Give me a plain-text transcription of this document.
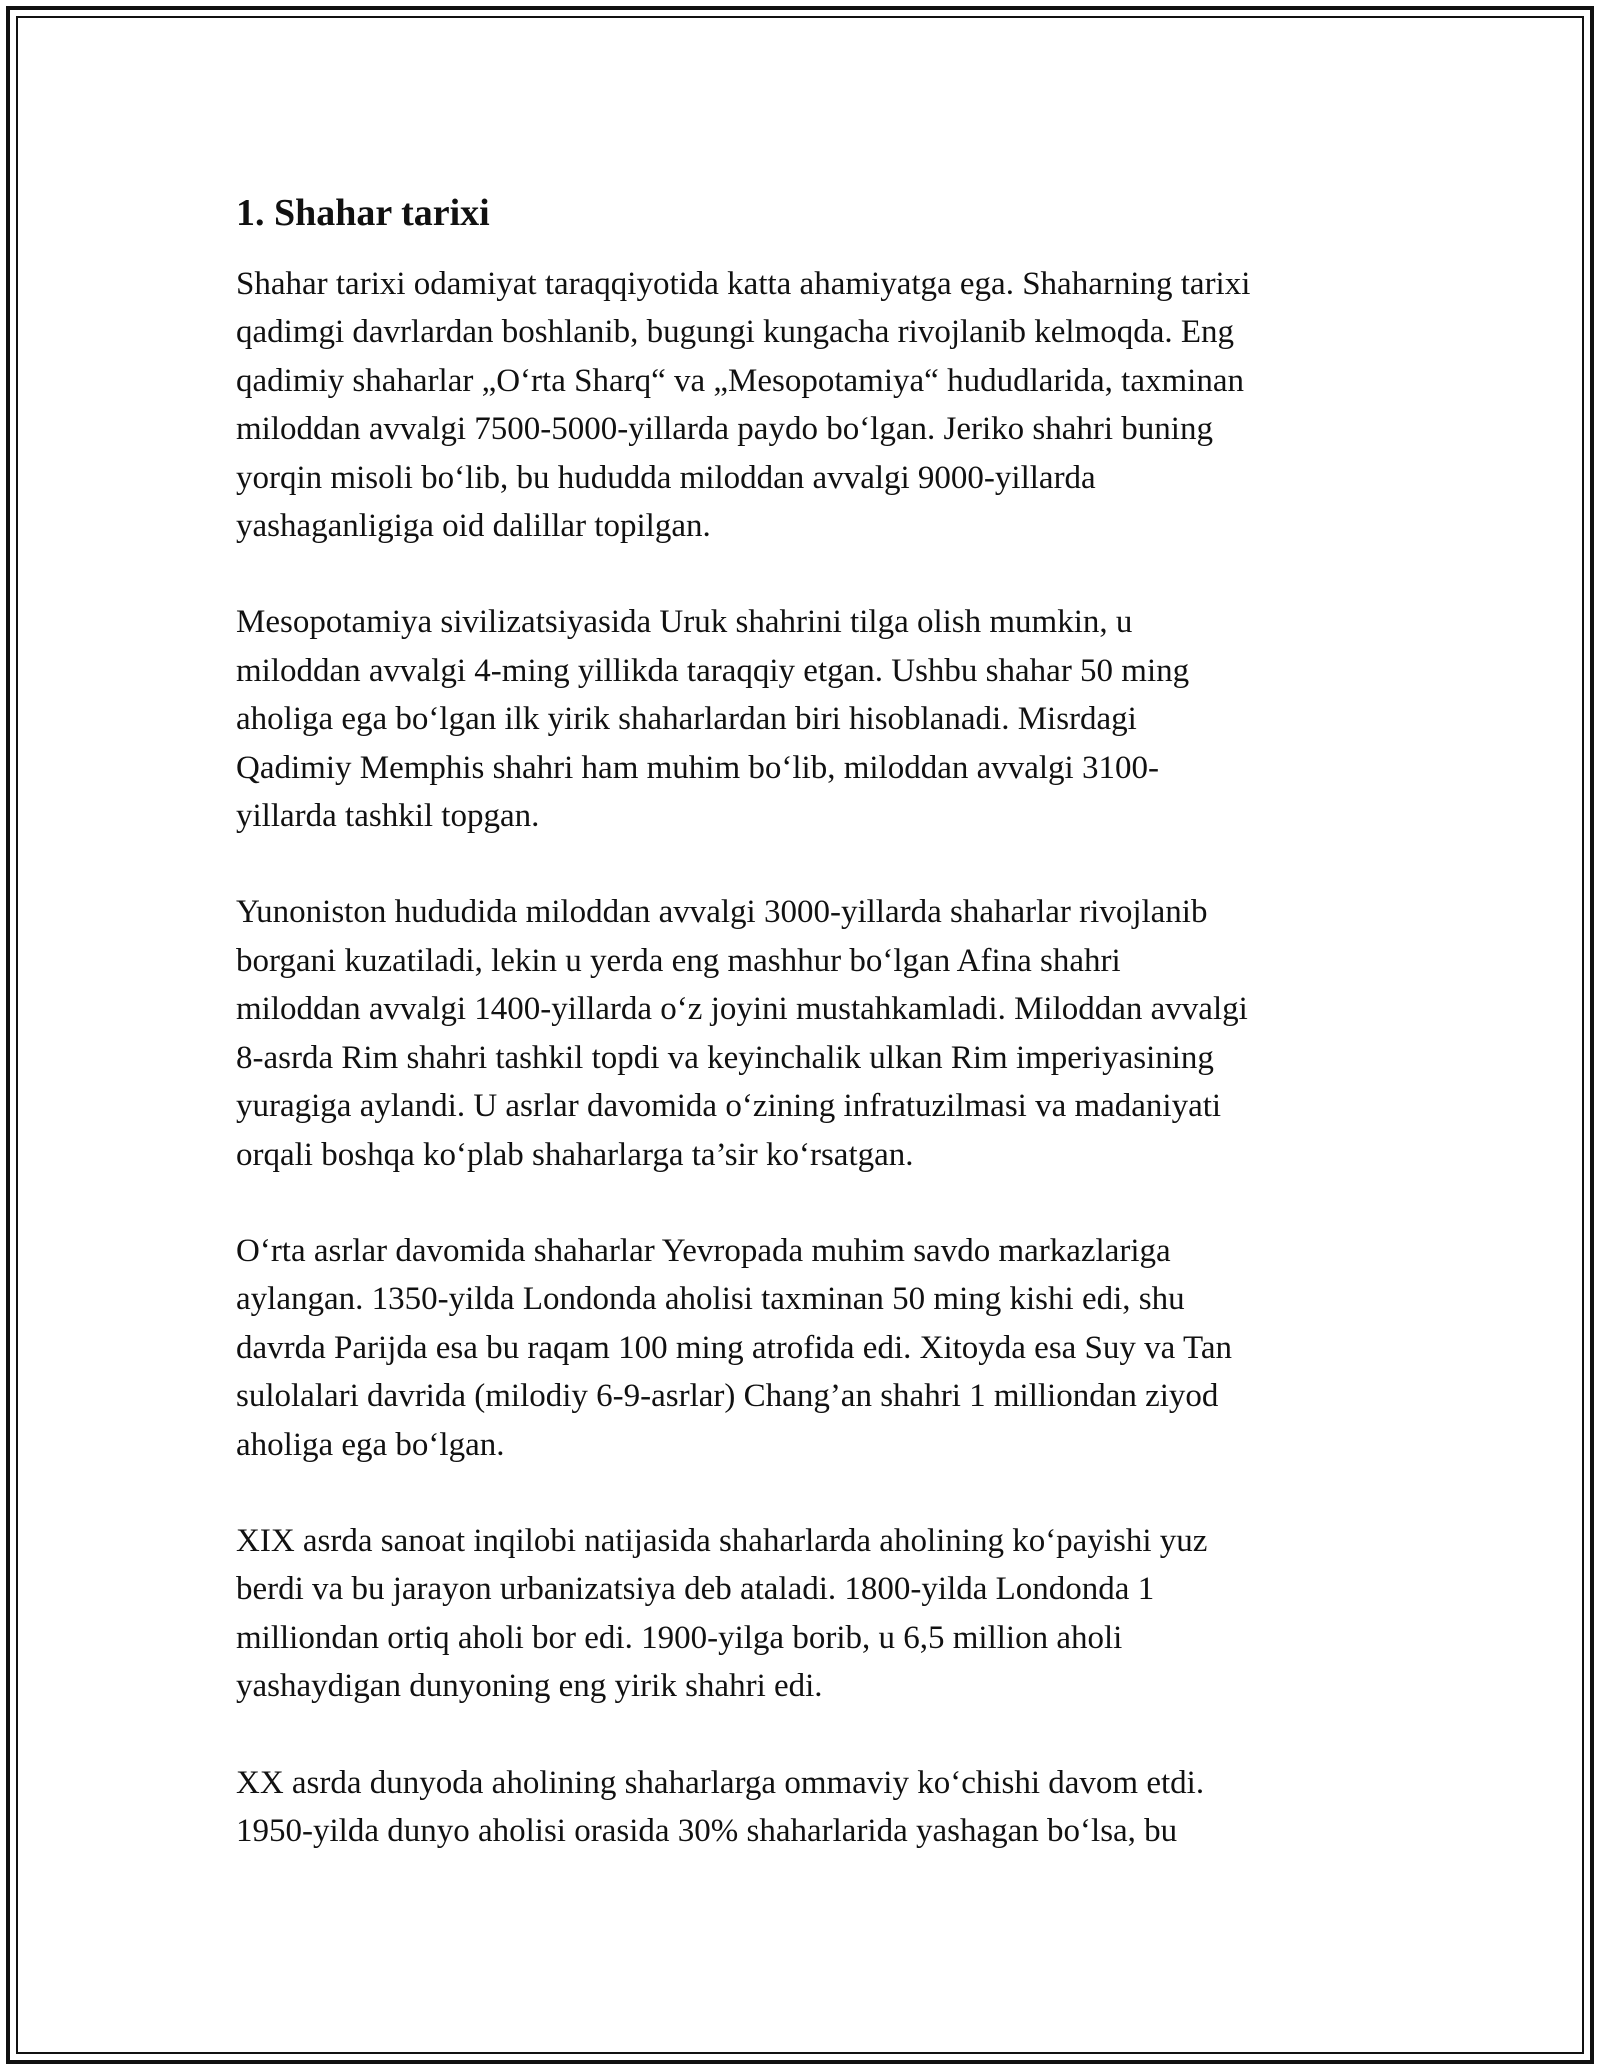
1. Shahar tarixi

Shahar tarixi odamiyat taraqqiyotida katta ahamiyatga ega. Shaharning tarixi
qadimgi davrlardan boshlanib, bugungi kungacha rivojlanib kelmoqda. Eng
qadimiy shaharlar „Oʻrta Sharq“ va „Mesopotamiya“ hududlarida, taxminan
miloddan avvalgi 7500-5000-yillarda paydo boʻlgan. Jeriko shahri buning
yorqin misoli boʻlib, bu hududda miloddan avvalgi 9000-yillarda
yashaganligiga oid dalillar topilgan.

Mesopotamiya sivilizatsiyasida Uruk shahrini tilga olish mumkin, u
miloddan avvalgi 4-ming yillikda taraqqiy etgan. Ushbu shahar 50 ming
aholiga ega boʻlgan ilk yirik shaharlardan biri hisoblanadi. Misrdagi
Qadimiy Memphis shahri ham muhim boʻlib, miloddan avvalgi 3100-
yillarda tashkil topgan.

Yunoniston hududida miloddan avvalgi 3000-yillarda shaharlar rivojlanib
borgani kuzatiladi, lekin u yerda eng mashhur boʻlgan Afina shahri
miloddan avvalgi 1400-yillarda oʻz joyini mustahkamladi. Miloddan avvalgi
8-asrda Rim shahri tashkil topdi va keyinchalik ulkan Rim imperiyasining
yuragiga aylandi. U asrlar davomida oʻzining infratuzilmasi va madaniyati
orqali boshqa koʻplab shaharlarga ta’sir koʻrsatgan.

Oʻrta asrlar davomida shaharlar Yevropada muhim savdo markazlariga
aylangan. 1350-yilda Londonda aholisi taxminan 50 ming kishi edi, shu
davrda Parijda esa bu raqam 100 ming atrofida edi. Xitoyda esa Suy va Tan
sulolalari davrida (milodiy 6-9-asrlar) Chang’an shahri 1 milliondan ziyod
aholiga ega boʻlgan.

XIX asrda sanoat inqilobi natijasida shaharlarda aholining koʻpayishi yuz
berdi va bu jarayon urbanizatsiya deb ataladi. 1800-yilda Londonda 1
milliondan ortiq aholi bor edi. 1900-yilga borib, u 6,5 million aholi
yashaydigan dunyoning eng yirik shahri edi.

XX asrda dunyoda aholining shaharlarga ommaviy koʻchishi davom etdi.
1950-yilda dunyo aholisi orasida 30% shaharlarida yashagan boʻlsa, bu
